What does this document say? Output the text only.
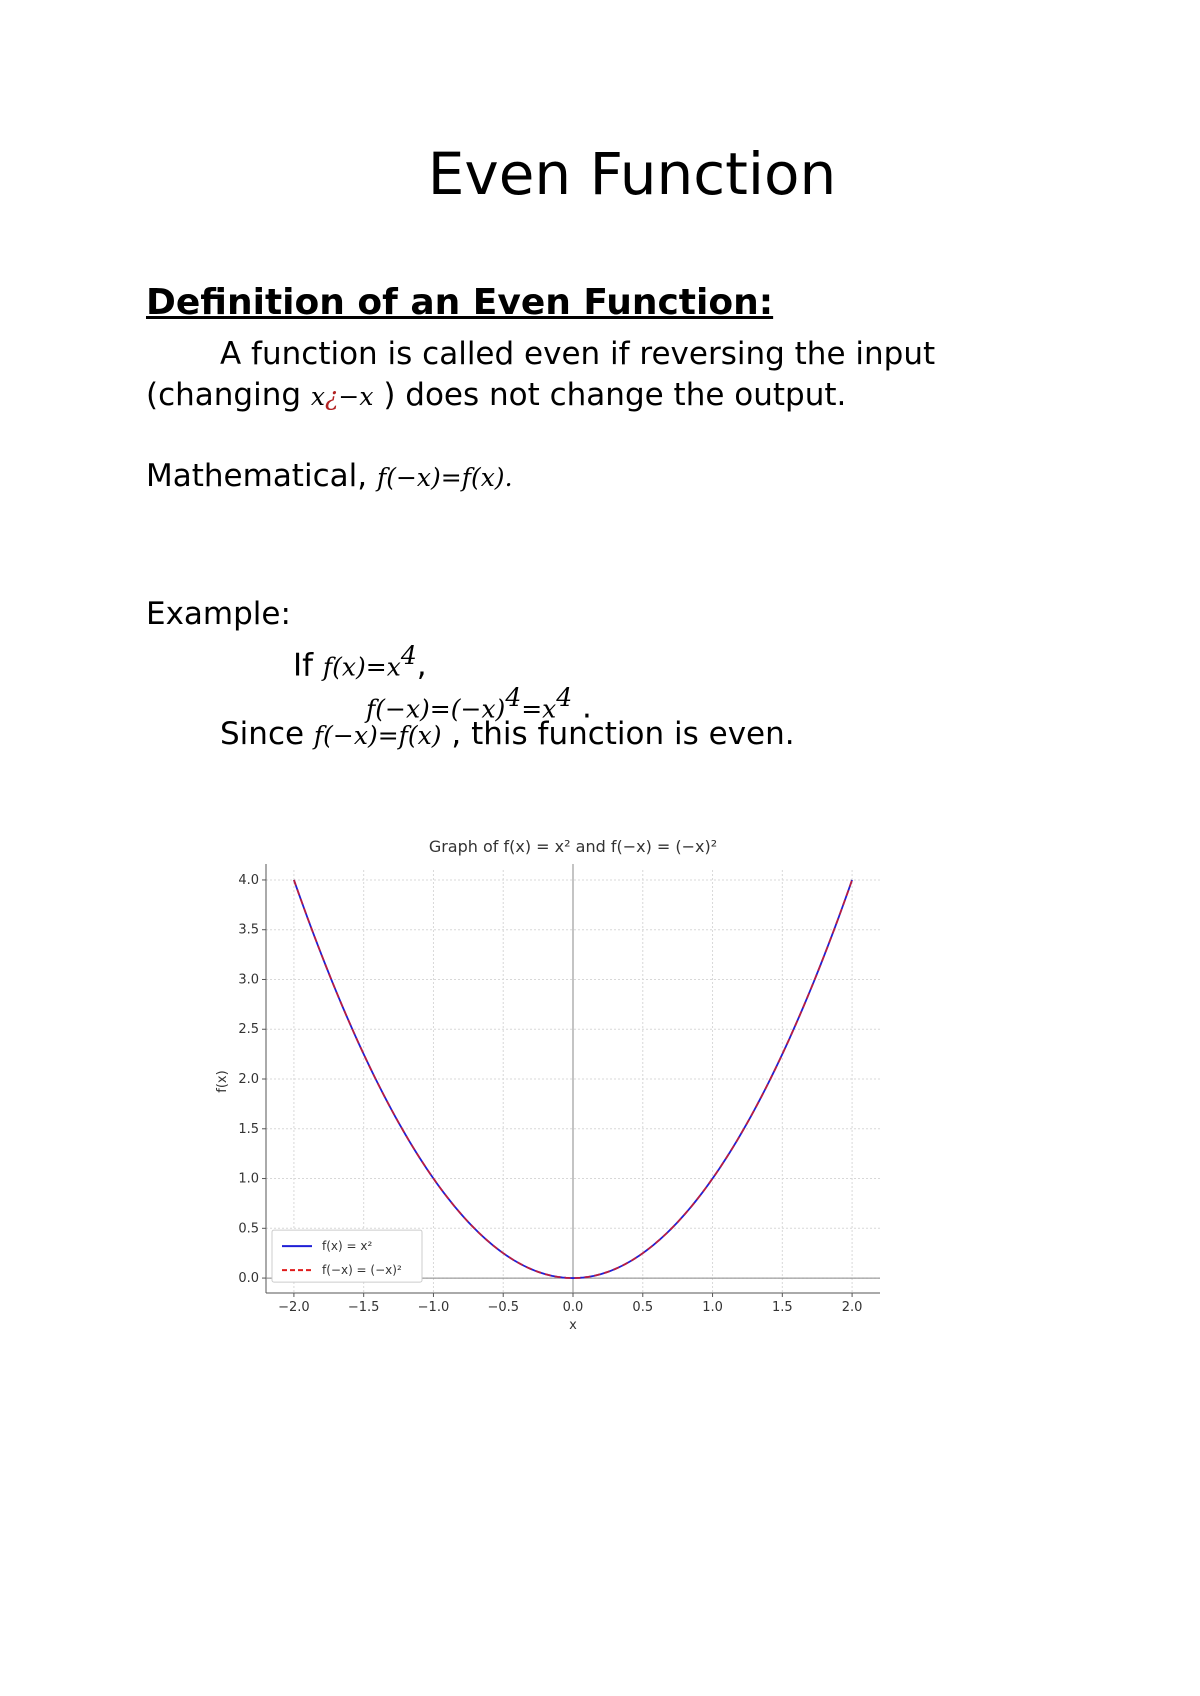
Even Function
Definition of an Even Function:
A function is called even if reversing the input
(changing x¿−x ) does not change the output.
Mathematical, f(−x)=f(x).
Example:
If $f(x)=x^4$,
$f(-x)=(-x)^4=x^4$ .
Since f(−x)=f(x) , this function is even.
−2.0	−1.5	−1.0	−0.5	0.0	0.5	1.0	1.5	2.0
0.0
0.5
1.0
1.5
2.0
2.5
3.0
3.5
4.0
Graph of f(x) = x² and f(−x) = (−x)²
x
f(x)
f(x) = x²
f(−x) = (−x)²
